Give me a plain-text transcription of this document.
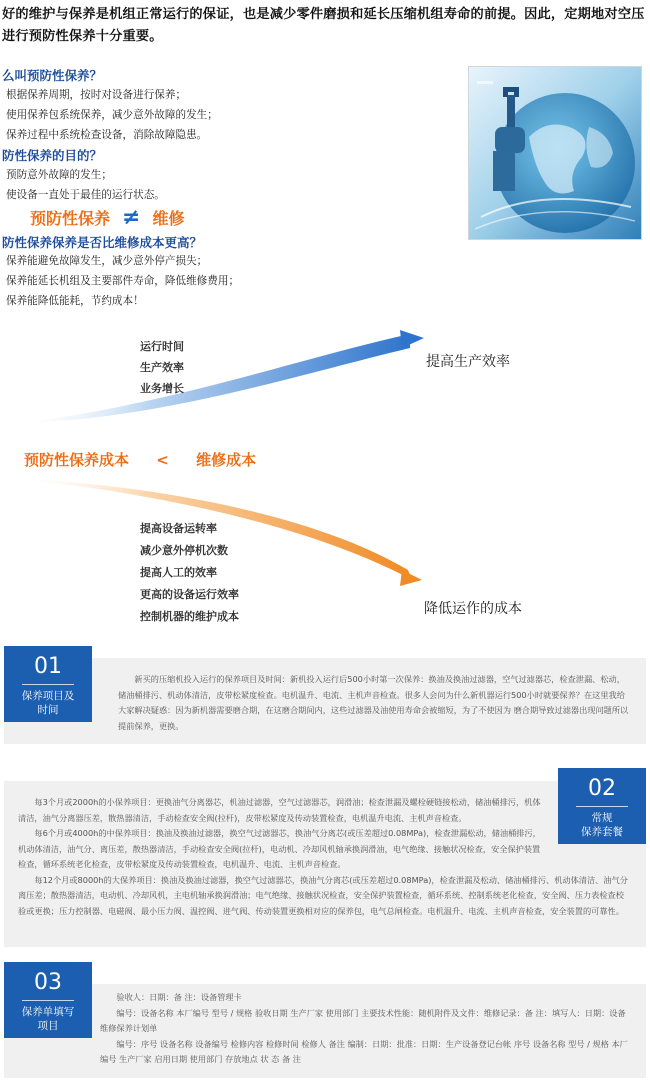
好的维护与保养是机组正常运行的保证，也是减少零件磨损和延长压缩机组寿命的前提。因此，定期地对空压
进行预防性保养十分重要。
么叫预防性保养？
根据保养周期，按时对设备进行保养；
使用保养包系统保养，减少意外故障的发生；
保养过程中系统检查设备，消除故障隐患。
防性保养的目的？
预防意外故障的发生；
使设备一直处于最佳的运行状态。
预防性保养 ≠ 维修
防性保养保养是否比维修成本更高？
保养能避免故障发生，减少意外停产损失；
保养能延长机组及主要部件寿命，降低维修费用；
保养能降低能耗，节约成本！
运行时间
生产效率
业务增长
提高生产效率
预防性保养成本 < 维修成本
提高设备运转率
减少意外停机次数
提高人工的效率
更高的设备运行效率
控制机器的维护成本	降低运作的成本

新买的压缩机投入运行的保养项目及时间：新机投入运行后500小时第一次保养：换油及换油过滤器，空气过滤器芯，检查泄漏、松动，储油桶排污、机动体清洁，皮带松紧度检查。电机温升、电流、主机声音检查。很多人会问为什么新机器运行500小时就要保养？在这里我给大家解决疑惑：因为新机器需要磨合期，在这磨合期间内，这些过滤器及油使用寿命会被缩短，为了不使因为 磨合期导致过滤器出现问题所以提前保养，更换。

01
保养项目及
时间

每3个月或2000h的小保养项目：更换油气分离器芯，机油过滤器，空气过滤器芯，润滑油；检查泄漏及螺栓硬链接松动，储油桶排污，机体清洁，油气分离器压差，散热器清洁，手动检查安全阀(拉杆)，皮带松紧度及传动装置检查，电机温升电流、主机声音检查。

每6个月或4000h的中保养项目：换油及换油过滤器，换空气过滤器芯，换油气分离芯(或压差超过0.08MPa)，检查泄漏松动，储油桶排污，机动体清洁，油气分、离压差，散热器清洁，手动检查安全阀(拉杆)，电动机、冷却风机轴承换润滑油，电气绝缘、接触状况检查，安全保护装置检查，循环系统老化检查，皮带松紧度及传动装置检查，电机温升、电流、主机声音检查。

每12个月或8000h的大保养项目：换油及换油过滤器，换空气过滤器芯，换油气分离芯(或压差超过0.08MPa)，检查泄漏及松动、储油桶排污、机动体清洁、油气分离压差；散热器清洁，电动机、冷却风机，主电机轴承换润滑油；电气绝缘、接触状况检查，安全保护装置检查，循环系统、控制系统老化检查，安全阀、压力表检查校验或更换；压力控制器、电磁阀、最小压力阀、温控阀、进气阀、传动装置更换相对应的保养包，电气总闸检查。电机温升、电流、主机声音检查，安全装置的可靠性。

02
常规
保养套餐

验收人：日期：备 注：设备管理卡

编号：设备名称 本厂编号 型号 / 规格 验收日期 生产厂家 使用部门 主要技术性能：随机附件及文件：维修记录：备 注：填写人：日期：设备维修保养计划单

编号：序号 设备名称 设备编号 检修内容 检修时间 检修人 备注 编制：日期：批准：日期：生产设备登记台帐 序号 设备名称 型号 / 规格 本厂编号 生产厂家 启用日期 使用部门 存放地点 状 态 备 注

03
保养单填写
项目
